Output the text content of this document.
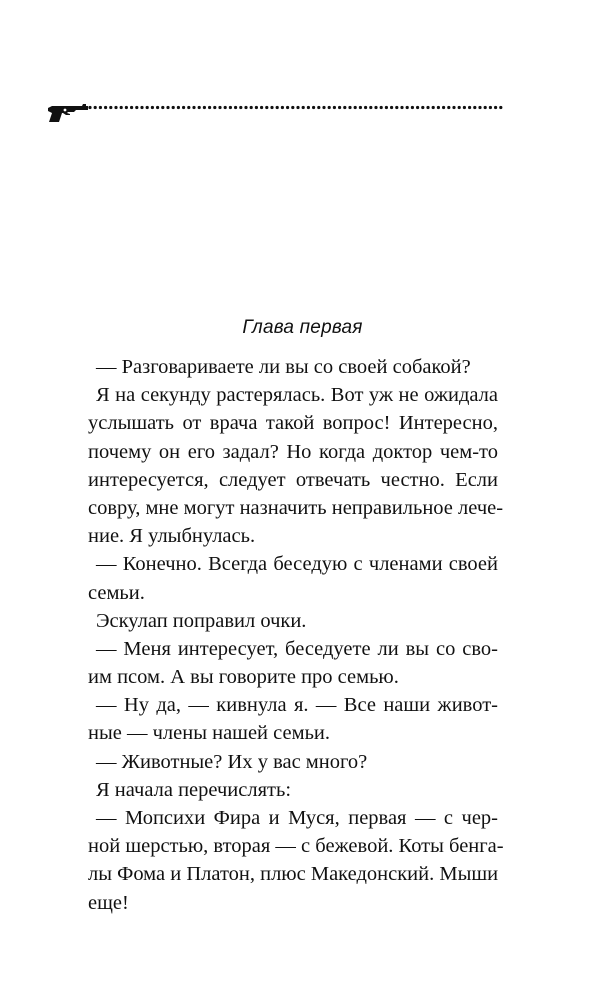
Глава первая
— Разговариваете ли вы со своей собакой?
Я на секунду растерялась. Вот уж не ожидала
услышать от врача такой вопрос! Интересно,
почему он его задал? Но когда доктор чем-то
интересуется, следует отвечать честно. Если
совру, мне могут назначить неправильное лече-
ние. Я улыбнулась.
— Конечно. Всегда беседую с членами своей
семьи.
Эскулап поправил очки.
— Меня интересует, беседуете ли вы со сво-
им псом. А вы говорите про семью.
— Ну да, — кивнула я. — Все наши живот-
ные — члены нашей семьи.
— Животные? Их у вас много?
Я начала перечислять:
— Мопсихи Фира и Муся, первая — с чер-
ной шерстью, вторая — с бежевой. Коты бенга-
лы Фома и Платон, плюс Македонский. Мыши
еще!
